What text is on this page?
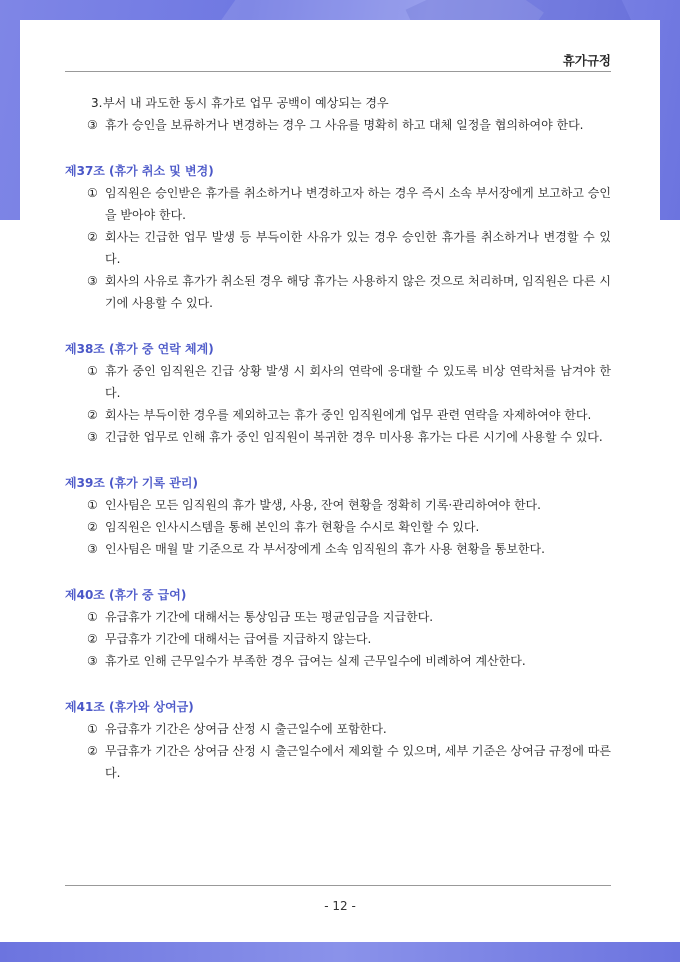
휴가규정
3. 부서 내 과도한 동시 휴가로 업무 공백이 예상되는 경우
③ 휴가 승인을 보류하거나 변경하는 경우 그 사유를 명확히 하고 대체 일정을 협의하여야 한다.
제37조 (휴가 취소 및 변경)
① 임직원은 승인받은 휴가를 취소하거나 변경하고자 하는 경우 즉시 소속 부서장에게 보고하고 승인을 받아야 한다.
② 회사는 긴급한 업무 발생 등 부득이한 사유가 있는 경우 승인한 휴가를 취소하거나 변경할 수 있다.
③ 회사의 사유로 휴가가 취소된 경우 해당 휴가는 사용하지 않은 것으로 처리하며, 임직원은 다른 시기에 사용할 수 있다.
제38조 (휴가 중 연락 체계)
① 휴가 중인 임직원은 긴급 상황 발생 시 회사의 연락에 응대할 수 있도록 비상 연락처를 남겨야 한다.
② 회사는 부득이한 경우를 제외하고는 휴가 중인 임직원에게 업무 관련 연락을 자제하여야 한다.
③ 긴급한 업무로 인해 휴가 중인 임직원이 복귀한 경우 미사용 휴가는 다른 시기에 사용할 수 있다.
제39조 (휴가 기록 관리)
① 인사팀은 모든 임직원의 휴가 발생, 사용, 잔여 현황을 정확히 기록·관리하여야 한다.
② 임직원은 인사시스템을 통해 본인의 휴가 현황을 수시로 확인할 수 있다.
③ 인사팀은 매월 말 기준으로 각 부서장에게 소속 임직원의 휴가 사용 현황을 통보한다.
제40조 (휴가 중 급여)
① 유급휴가 기간에 대해서는 통상임금 또는 평균임금을 지급한다.
② 무급휴가 기간에 대해서는 급여를 지급하지 않는다.
③ 휴가로 인해 근무일수가 부족한 경우 급여는 실제 근무일수에 비례하여 계산한다.
제41조 (휴가와 상여금)
① 유급휴가 기간은 상여금 산정 시 출근일수에 포함한다.
② 무급휴가 기간은 상여금 산정 시 출근일수에서 제외할 수 있으며, 세부 기준은 상여금 규정에 따른다.
- 12 -
